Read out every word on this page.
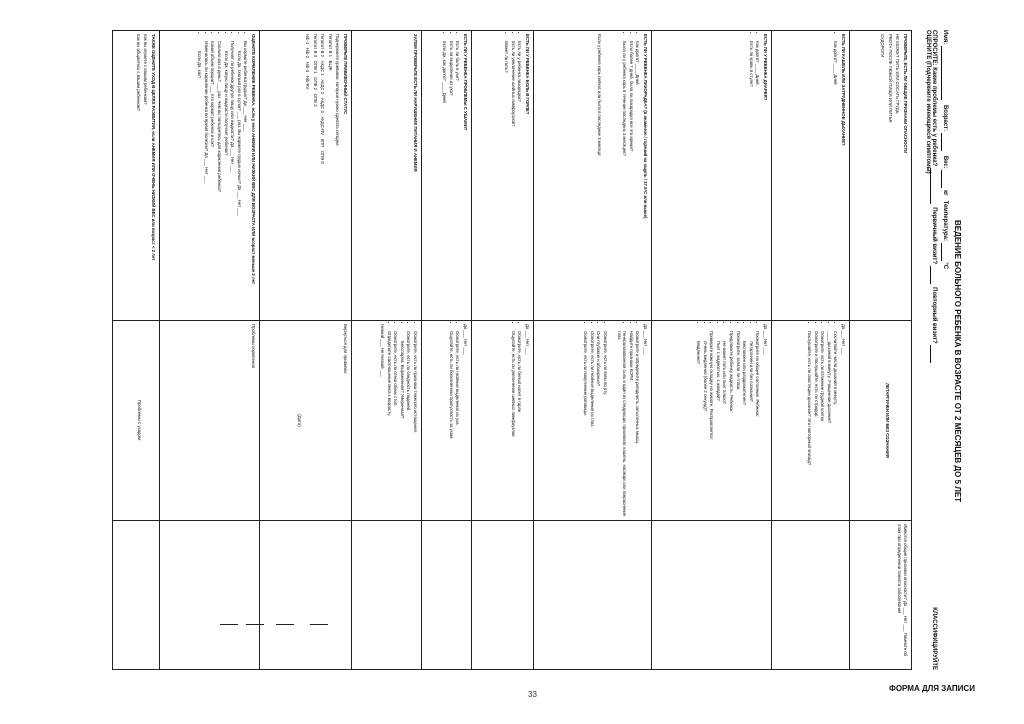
ВЕДЕНИЕ БОЛЬНОГО РЕБЕНКА В ВОЗРАСТЕ ОТ 2 МЕСЯЦЕВ ДО 5 ЛЕТ
Имя:    Возраст:    Вес:  кг   Температура:  °C
СПРОСИТЕ: Какие проблемы есть у ребенка?   Первичный визит?   Повторный визит?
ОЦЕНИТЕ (Подчеркните имеющиеся симптомы)
КЛАССИФИЦИРУЙТЕ

ПРОВЕРЬТЕ, ЕСТЬ ЛИ ОБЩИЕ ПРИЗНАКИ ОПАСНОСТИ

НЕ МОЖЕТ ПИТЬ ИЛИ СОСАТЬ ГРУДЬ

РВОТА ПОСЛЕ ЛЮБОЙ ПИЩИ ИЛИ ПИТЬЯ

СУДОРОГИ

ЛЕТАРГИЧЕН ИЛИ БЕЗ СОЗНАНИЯ

Имеются общие признаки опасности? Да ___ Нет ___ Помните об этом при определении тяжести заболевания

ЕСТЬ ЛИ КАШЕЛЬ ИЛИ ЗАТРУДНЕННОЕ ДЫХАНИЕ?

• Как долго? ____ Дней

Да ___ Нет ___

• Сосчитайте число дыханий в минуту.
• ____ дыханий в минуту. Учащенное дыхание?
• Осмотрите, есть ли втяжение грудной клетки.
• Осмотрите и послушайте, есть ли стридор.
• Послушайте, есть ли свистящее дыхание? Это повторный эпизод?

ЕСТЬ ЛИ У РЕБЕНКА ДИАРЕЯ?

• Как долго? ____ Дней
• Есть ли кровь в стуле?

Да ___ Нет ___

• Посмотрите на общее состояние. Ребенок:
• Летаргичен или без сознания?
• Беспокоен или раздражителен?
• Посмотрите, запали ли глаза.
• Предложите ребенку жидкость. Ребенок:
• Не может пить или пьет плохо?
• Пьет с жадностью, с жаждой?
• Проверьте кожную складку на животе. Расправляется:
• Очень медленно (более 2 секунд)?
• Медленно?

ЕСТЬ ЛИ У РЕБЕНКА ЛИХОРАДКА? (в анамнезе / горячий на ощупь / 37.5°C или выше)

• Как долго? ____ Дней
• Если более 7 дней, была ли лихорадка все это время?
• Была ли у ребенка корь в течение последних 3 месяцев?

Если у ребенка корь сейчас или была в последние 3 месяца:

Да ___ Нет ___

• Осмотрите и определите ригидность затылочных мышц.
• Найдите признаки КОРИ:
• Генерализованная сыпь и один из следующих признаков: кашель, насморк или покраснение глаз.
• Осмотрите, есть ли язвы во рту.
• Они глубокие и обширные?
• Осмотрите, есть ли гнойные выделения из глаз.
• Осмотрите, есть ли помутнение роговицы.

ЕСТЬ ЛИ У РЕБЕНКА БОЛЬ В ГОРЛЕ?

• Есть ли у ребенка лихорадка?
• Есть ли увеличение шейных лимфоузлов?
• Может ли пить?

Да ___ Нет ___

• Осмотрите, есть ли белый налет в горле
• Ощупайте, есть ли увеличение шейных лимфоузлов

ЕСТЬ ЛИ У РЕБЕНКА ПРОБЛЕМЫ С УШАМИ?

• Есть ли боль в ухе?
• Есть ли выделения из уха?
• Если Да, как долго? ____ Дней

Да ___ Нет ___

• Осмотрите, есть ли гнойные выделения из уха.
• Ощупайте, есть ли болезненная припухлость за ухом.

ЗАТЕМ ПРОВЕРЬТЕ ЕСТЬ ЛИ НАРУШЕНИЕ ПИТАНИЯ И АНЕМИЯ

• Осмотрите, есть ли признаки тяжелого истощения.
• Осмотрите, есть ли бледность ладоней.
• Бесспорна. Выраженная? Умеренная?
• Осмотрите, есть ли отеки обеих стоп.
• Определите соотношение веса к возрасту.

Низкий ___ Не Низкий ___

ПРОВЕРЬТЕ ПРИВИВОЧНЫЙ СТАТУС

Подчеркните прививки, которые нужно сделать сегодня.

Гепатит В 1   БЦЖ

Гепатит В 2   АКДС 1   АКДС 2   АКДС 3   АКДС-RV   КПП   ОПВ 0

Гепатит В 3   ОПВ 1   ОПВ 2   ОПВ 3

Hib-1   Hib-2   Hib-3   Hib-RV

Вернуться для прививки:

(Дата)

ОЦЕНИТЕ КОРМЛЕНИЕ РЕБЕНКА, если у него АНЕМИЯ ИЛИ НИЗКИЙ ВЕС ДЛЯ ВОЗРАСТА ИЛИ возраст меньше 2 лет

• Вы кормите ребенка грудью? Да ___ Нет ___
• Если Да, сколько раз в сутки? ___ раз. Вы кормите грудью ночью? Да ___ Нет ___
• Получает ли ребенок другую пищу или жидкости? Да ___ Нет ___
• Если Да, какую пищу и жидкости получает ребенок?
• Сколько раз в день? ___ раз. Чем вы пользуетесь для кормления ребенка?
• Какой объем порции? ___ Кто кормит ребенка и как?
• Изменилось ли кормление ребенка во время болезни? Да ___ Нет ___
• Если Да, как?

Проблемы кормления

ТАКЖЕ ОЦЕНИТЕ УХОД В ЦЕЛЯХ РАЗВИТИЯ, если АНЕМИЯ ИЛИ ОЧЕНЬ НИЗКИЙ ВЕС или возраст < 2 лет

Как вы играете с вашим ребенком?

Как вы общаетесь с вашим ребенком?

Проблемы с уходом:

33
ФОРМА ДЛЯ ЗАПИСИ
